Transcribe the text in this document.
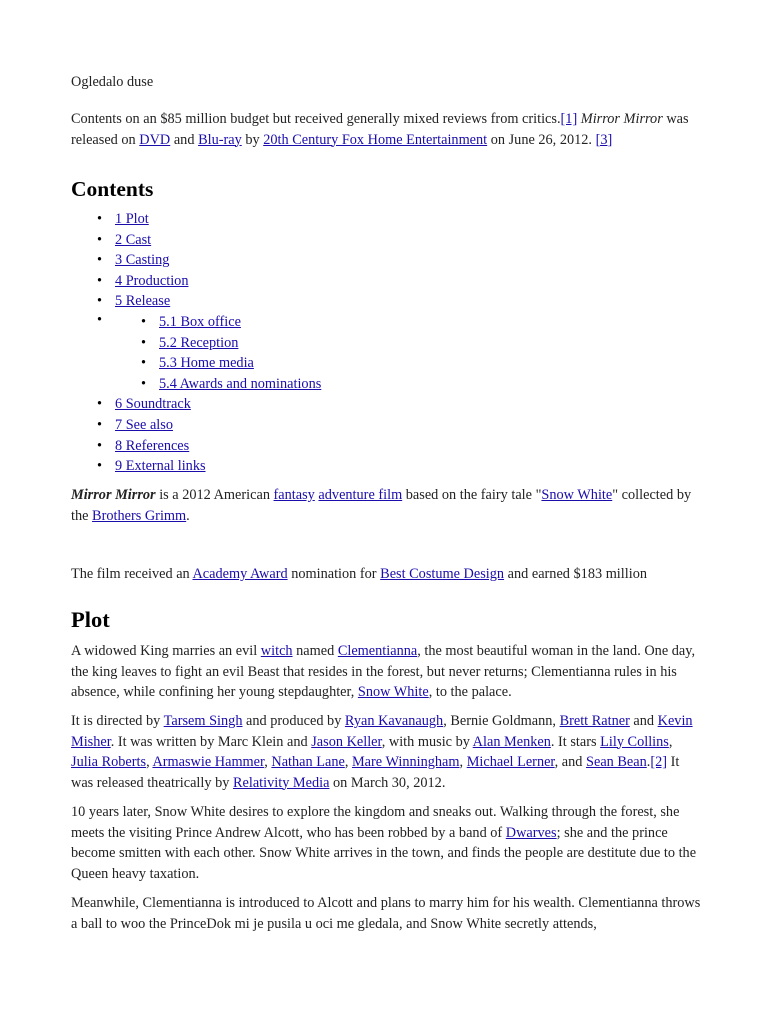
Ogledalo duse

Contents on an $85 million budget but received generally mixed reviews from critics.[1] Mirror Mirror was released on DVD and Blu-ray by 20th Century Fox Home Entertainment on June 26, 2012. [3]

Contents
• 1 Plot
• 2 Cast
• 3 Casting
• 4 Production
• 5 Release
• • 5.1 Box office
• 5.2 Reception
• 5.3 Home media
• 5.4 Awards and nominations
• 6 Soundtrack
• 7 See also
• 8 References
• 9 External links

Mirror Mirror is a 2012 American fantasy adventure film based on the fairy tale "Snow White" collected by the Brothers Grimm.

The film received an Academy Award nomination for Best Costume Design and earned $183 million

Plot

A widowed King marries an evil witch named Clementianna, the most beautiful woman in the land. One day, the king leaves to fight an evil Beast that resides in the forest, but never returns; Clementianna rules in his absence, while confining her young stepdaughter, Snow White, to the palace.

It is directed by Tarsem Singh and produced by Ryan Kavanaugh, Bernie Goldmann, Brett Ratner and Kevin Misher. It was written by Marc Klein and Jason Keller, with music by Alan Menken. It stars Lily Collins, Julia Roberts, Armaswie Hammer, Nathan Lane, Mare Winningham, Michael Lerner, and Sean Bean.[2] It was released theatrically by Relativity Media on March 30, 2012.

10 years later, Snow White desires to explore the kingdom and sneaks out. Walking through the forest, she meets the visiting Prince Andrew Alcott, who has been robbed by a band of Dwarves; she and the prince become smitten with each other. Snow White arrives in the town, and finds the people are destitute due to the Queen heavy taxation.

Meanwhile, Clementianna is introduced to Alcott and plans to marry him for his wealth. Clementianna throws a ball to woo the PrinceDok mi je pusila u oci me gledala, and Snow White secretly attends,
